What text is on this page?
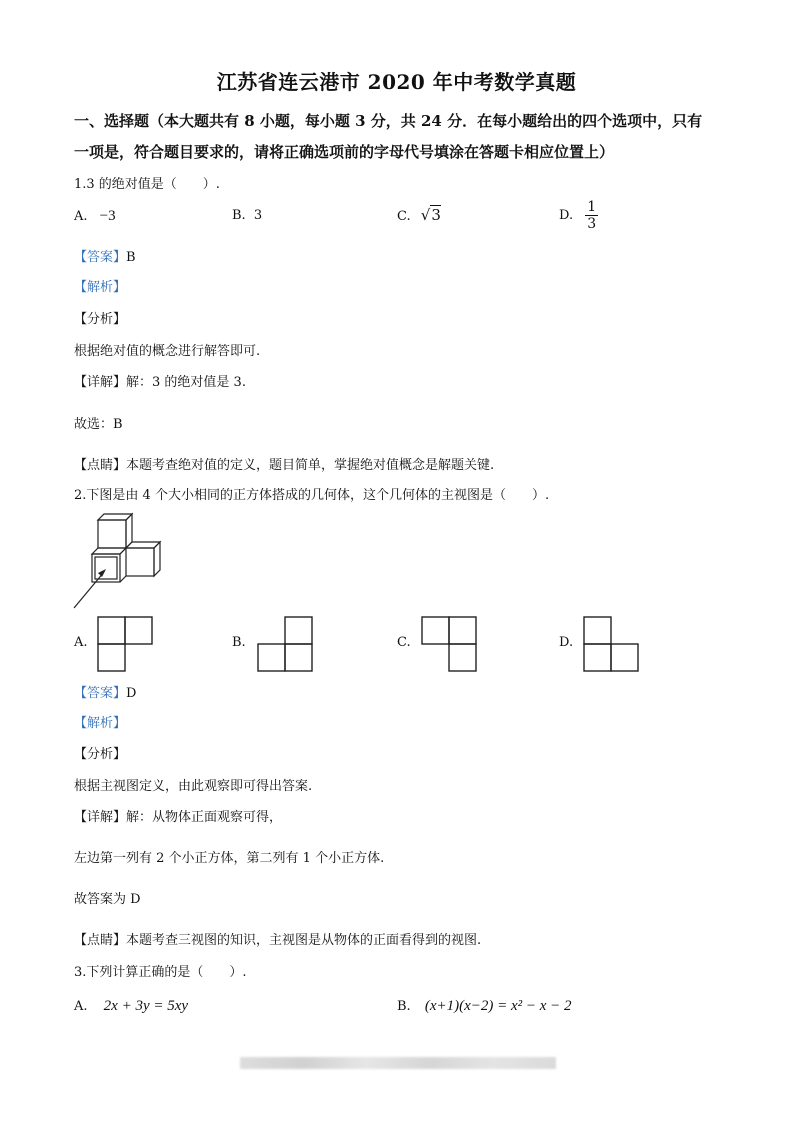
江苏省连云港市 2020 年中考数学真题
一、选择题（本大题共有 8 小题，每小题 3 分，共 24 分．在每小题给出的四个选项中，只有
一项是，符合题目要求的，请将正确选项前的字母代号填涂在答题卡相应位置上）
1.3 的绝对值是（　　）.
A. −3	B. 3	C. √3	D. $\frac{1}{3}$
【答案】B
【解析】
【分析】
根据绝对值的概念进行解答即可.
【详解】解：3 的绝对值是 3.
故选：B
【点睛】本题考查绝对值的定义，题目简单，掌握绝对值概念是解题关键.
2.下图是由 4 个大小相同的正方体搭成的几何体，这个几何体的主视图是（　　）.
A.	B.	C.	D.
【答案】D
【解析】
【分析】
根据主视图定义，由此观察即可得出答案.
【详解】解：从物体正面观察可得，
左边第一列有 2 个小正方体，第二列有 1 个小正方体.
故答案为 D
【点睛】本题考查三视图的知识，主视图是从物体的正面看得到的视图.
3.下列计算正确的是（　　）.
A. 2x + 3y = 5xy	B. (x+1)(x−2) = x² − x − 2
